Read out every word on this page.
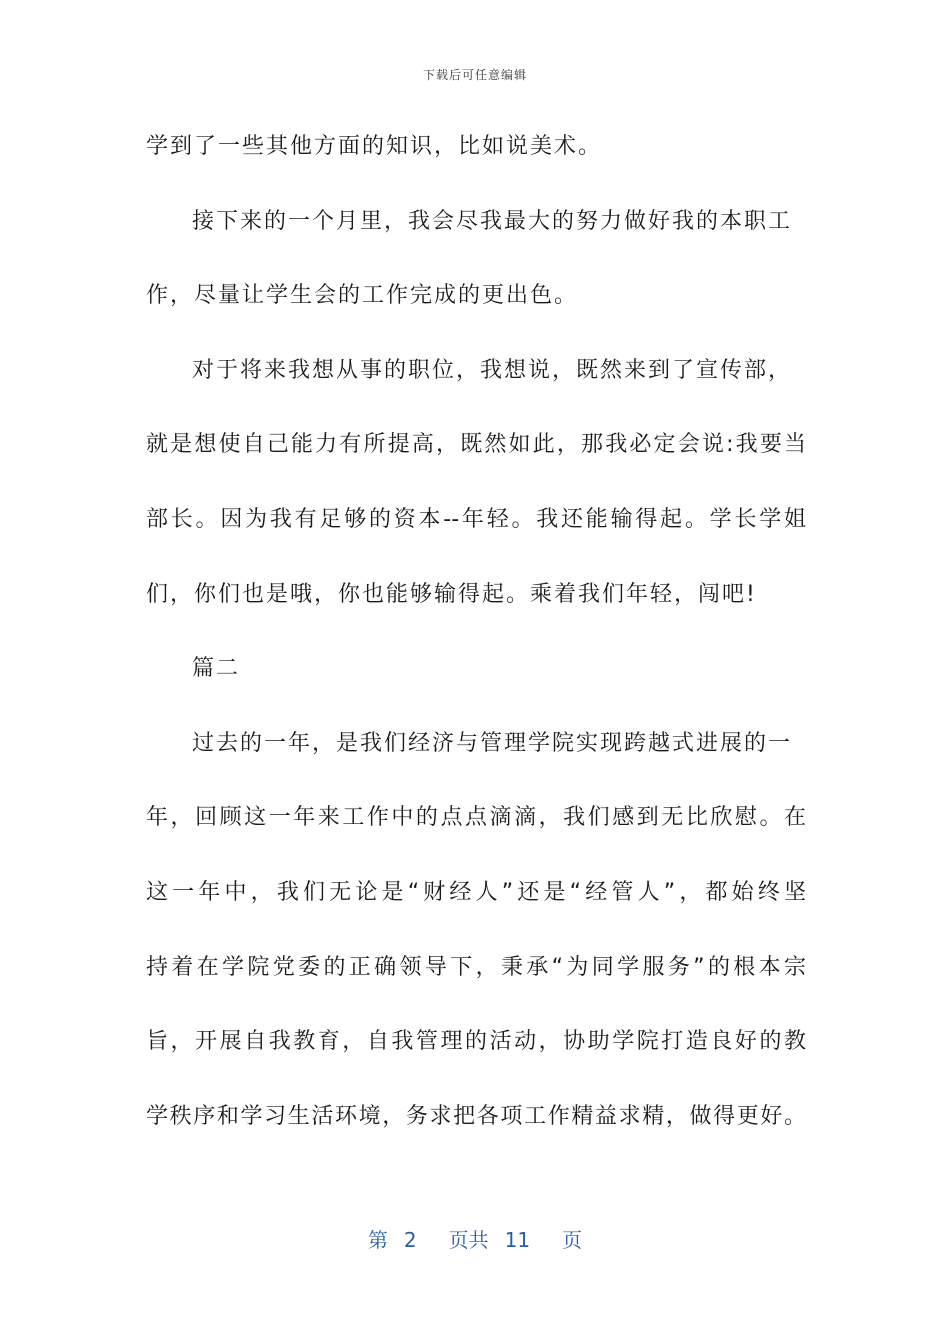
下载后可任意编辑
学到了一些其他方面的知识，比如说美术。
接下来的一个月里，我会尽我最大的努力做好我的本职工
作，尽量让学生会的工作完成的更出色。
对于将来我想从事的职位，我想说，既然来到了宣传部，
就是想使自己能力有所提高，既然如此，那我必定会说:我要当
部长。因为我有足够的资本--年轻。我还能输得起。学长学姐
们，你们也是哦，你也能够输得起。乘着我们年轻，闯吧!
篇二
过去的一年，是我们经济与管理学院实现跨越式进展的一
年，回顾这一年来工作中的点点滴滴，我们感到无比欣慰。在
这一年中，我们无论是“财经人”还是“经管人”，都始终坚
持着在学院党委的正确领导下，秉承“为同学服务”的根本宗
旨，开展自我教育，自我管理的活动，协助学院打造良好的教
学秩序和学习生活环境，务求把各项工作精益求精，做得更好。
第 2 页共 11 页
